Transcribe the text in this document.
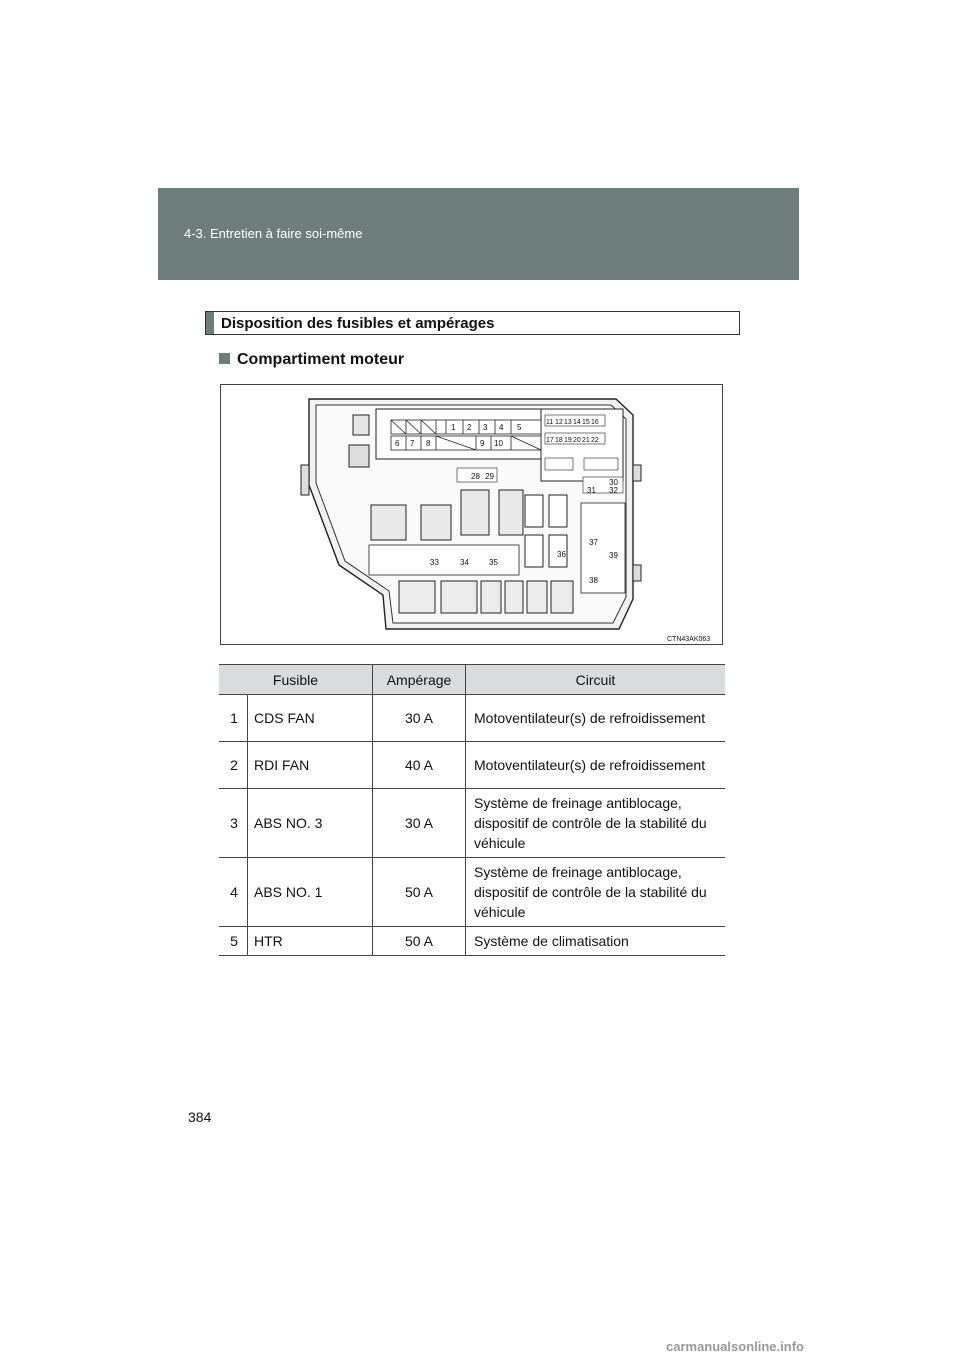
4-3. Entretien à faire soi-même
Disposition des fusibles et ampérages
Compartiment moteur
1 2 3 4 5
6 7 8	9 10
11 12 13 14 15 16
17 18 19 20 21 22
28 29
30
31 32
33	34	35
36
37
38
39
CTN43AK063
Fusible		Ampérage	Circuit
1	CDS FAN	30 A	Motoventilateur(s) de refroidissement
2	RDI FAN	40 A	Motoventilateur(s) de refroidissement
3	ABS NO. 3	30 A	Système de freinage antiblocage, dispositif de contrôle de la stabilité du véhicule
4	ABS NO. 1	50 A	Système de freinage antiblocage, dispositif de contrôle de la stabilité du véhicule
5	HTR	50 A	Système de climatisation
384
carmanualsonline.info
